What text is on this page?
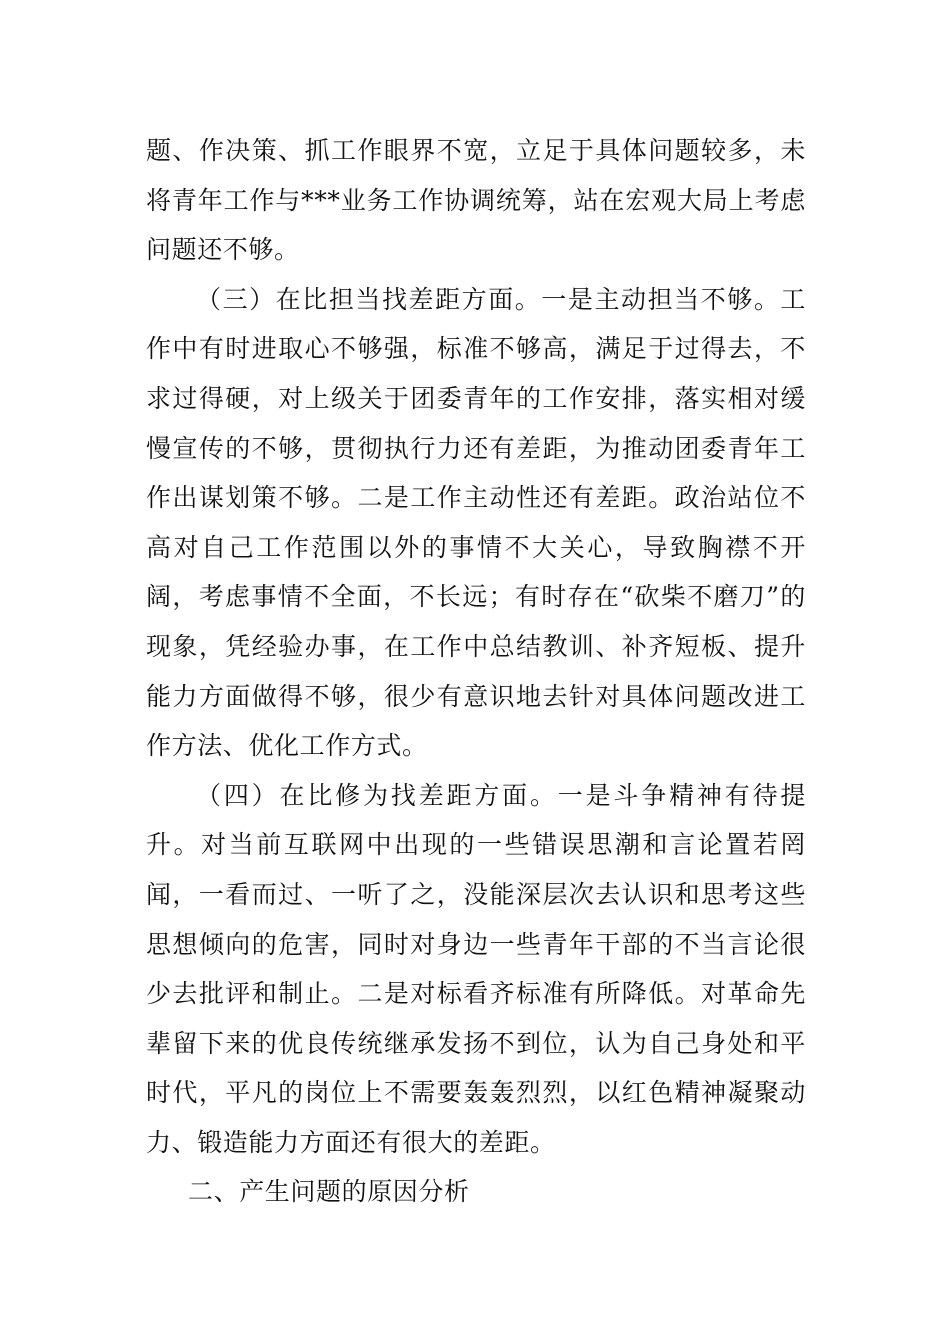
题、作决策、抓工作眼界不宽，立足于具体问题较多，未将青年工作与***业务工作协调统筹，站在宏观大局上考虑问题还不够。

（三）在比担当找差距方面。一是主动担当不够。工作中有时进取心不够强，标准不够高，满足于过得去，不求过得硬，对上级关于团委青年的工作安排，落实相对缓慢宣传的不够，贯彻执行力还有差距，为推动团委青年工作出谋划策不够。二是工作主动性还有差距。政治站位不高对自己工作范围以外的事情不大关心，导致胸襟不开阔，考虑事情不全面，不长远；有时存在“砍柴不磨刀”的现象，凭经验办事，在工作中总结教训、补齐短板、提升能力方面做得不够，很少有意识地去针对具体问题改进工作方法、优化工作方式。

（四）在比修为找差距方面。一是斗争精神有待提升。对当前互联网中出现的一些错误思潮和言论置若罔闻，一看而过、一听了之，没能深层次去认识和思考这些思想倾向的危害，同时对身边一些青年干部的不当言论很少去批评和制止。二是对标看齐标准有所降低。对革命先辈留下来的优良传统继承发扬不到位，认为自己身处和平时代，平凡的岗位上不需要轰轰烈烈，以红色精神凝聚动力、锻造能力方面还有很大的差距。

二、产生问题的原因分析
